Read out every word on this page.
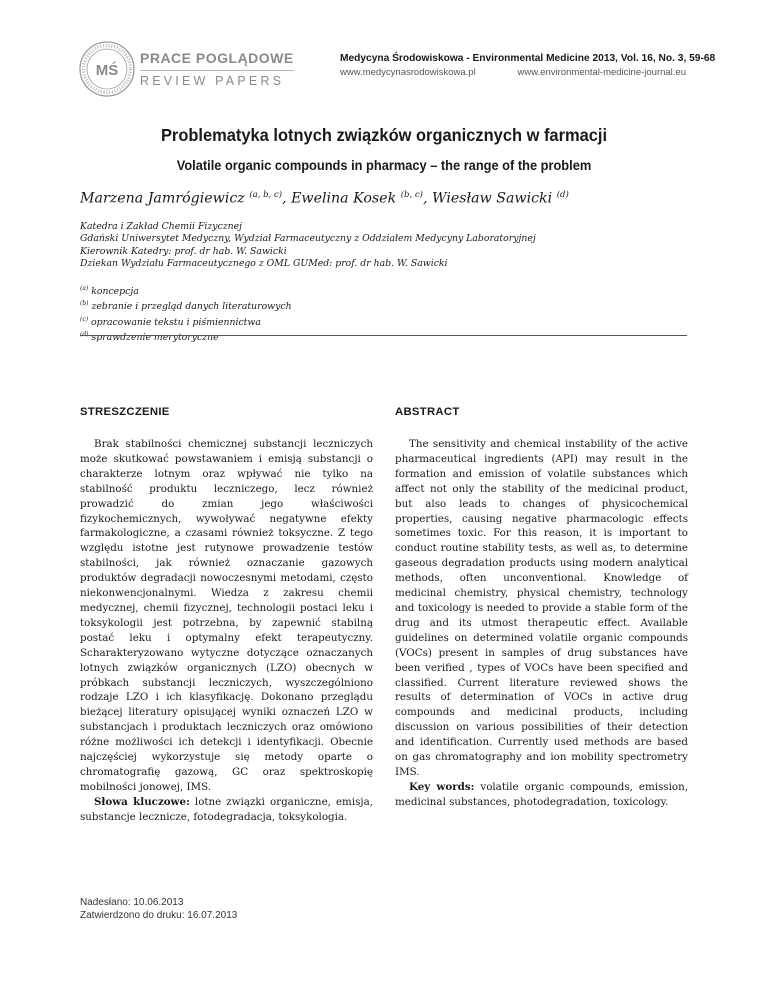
MŚ
PRACE POGLĄDOWE
REVIEW PAPERS
Medycyna Środowiskowa - Environmental Medicine 2013, Vol. 16, No. 3, 59-68
www.medycynasrodowiskowa.pl	www.environmental-medicine-journal.eu
Problematyka lotnych związków organicznych w farmacji
Volatile organic compounds in pharmacy – the range of the problem
Marzena Jamrógiewicz $^{(a, b, c)}$, Ewelina Kosek $^{(b, c)}$, Wiesław Sawicki $^{(d)}$
Katedra i Zakład Chemii Fizycznej
Gdański Uniwersytet Medyczny, Wydział Farmaceutyczny z Oddziałem Medycyny Laboratoryjnej
Kierownik Katedry: prof. dr hab. W. Sawicki
Dziekan Wydziału Farmaceutycznego z OML GUMed: prof. dr hab. W. Sawicki
$^{(a)}$ koncepcja
$^{(b)}$ zebranie i przegląd danych literaturowych
$^{(c)}$ opracowanie tekstu i piśmiennictwa
$^{(d)}$ sprawdzenie merytoryczne
STRESZCZENIE	ABSTRACT

Brak stabilności chemicznej substancji leczniczych może skutkować powstawaniem i emisją substancji o charakterze lotnym oraz wpływać nie tylko na stabilność produktu leczniczego, lecz również prowadzić do zmian jego właściwości fizykochemicznych, wywoływać negatywne efekty farmakologiczne, a czasami również toksyczne. Z tego względu istotne jest rutynowe prowadzenie testów stabilności, jak również oznaczanie gazowych produktów degradacji nowoczesnymi metodami, często niekonwencjonalnymi. Wiedza z zakresu chemii medycznej, chemii fizycznej, technologii postaci leku i toksykologii jest potrzebna, by zapewnić stabilną postać leku i optymalny efekt terapeutyczny. Scharakteryzowano wytyczne dotyczące oznaczanych lotnych związków organicznych (LZO) obecnych w próbkach substancji leczniczych, wyszczególniono rodzaje LZO i ich klasyfikację. Dokonano przeglądu bieżącej literatury opisującej wyniki oznaczeń LZO w substancjach i produktach leczniczych oraz omówiono różne możliwości ich detekcji i identyfikacji. Obecnie najczęściej wykorzystuje się metody oparte o chromatografię gazową, GC oraz spektroskopię mobilności jonowej, IMS.

Słowa kluczowe: lotne związki organiczne, emisja, substancje lecznicze, fotodegradacja, toksykologia.

The sensitivity and chemical instability of the active pharmaceutical ingredients (API) may result in the formation and emission of volatile substances which affect not only the stability of the medicinal product, but also leads to changes of physicochemical properties, causing negative pharmacologic effects sometimes toxic. For this reason, it is important to conduct routine stability tests, as well as, to determine gaseous degradation products using modern analytical methods, often unconventional. Knowledge of medicinal chemistry, physical chemistry, technology and toxicology is needed to provide a stable form of the drug and its utmost therapeutic effect. Available guidelines on determined volatile organic compounds (VOCs) present in samples of drug substances have been verified , types of VOCs have been specified and classified. Current literature reviewed shows the results of determination of VOCs in active drug compounds and medicinal products, including discussion on various possibilities of their detection and identification. Currently used methods are based on gas chromatography and ion mobility spectrometry IMS.

Key words: volatile organic compounds, emission, medicinal substances, photodegradation, toxicology.

Nadesłano: 10.06.2013
Zatwierdzono do druku: 16.07.2013
